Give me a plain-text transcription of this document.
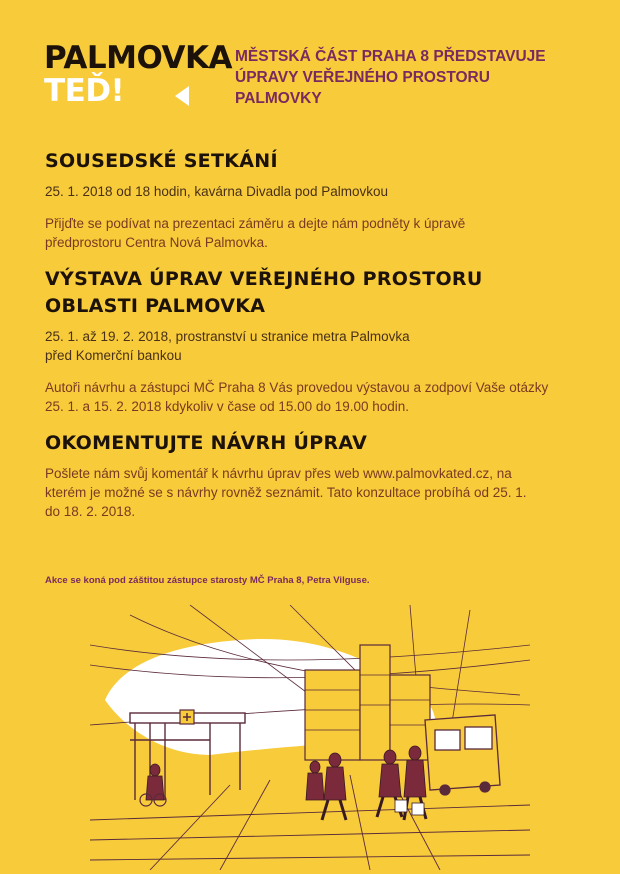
PALMOVKA
TEĎ!
MĚSTSKÁ ČÁST PRAHA 8 PŘEDSTAVUJE
ÚPRAVY VEŘEJNÉHO PROSTORU
PALMOVKY
SOUSEDSKÉ SETKÁNÍ
25. 1. 2018 od 18 hodin, kavárna Divadla pod Palmovkou
Přijďte se podívat na prezentaci záměru a dejte nám podněty k úpravě
předprostoru Centra Nová Palmovka.
VÝSTAVA ÚPRAV VEŘEJNÉHO PROSTORU
OBLASTI PALMOVKA
25. 1. až 19. 2. 2018, prostranství u stranice metra Palmovka
před Komerční bankou
Autoři návrhu a zástupci MČ Praha 8 Vás provedou výstavou a zodpoví Vaše otázky
25. 1. a 15. 2. 2018 kdykoliv v čase od 15.00 do 19.00 hodin.
OKOMENTUJTE NÁVRH ÚPRAV
Pošlete nám svůj komentář k návrhu úprav přes web www.palmovkated.cz, na
kterém je možné se s návrhy rovněž seznámit. Tato konzultace probíhá od 25. 1.
do 18. 2. 2018.
Akce se koná pod záštitou zástupce starosty MČ Praha 8, Petra Vilguse.
